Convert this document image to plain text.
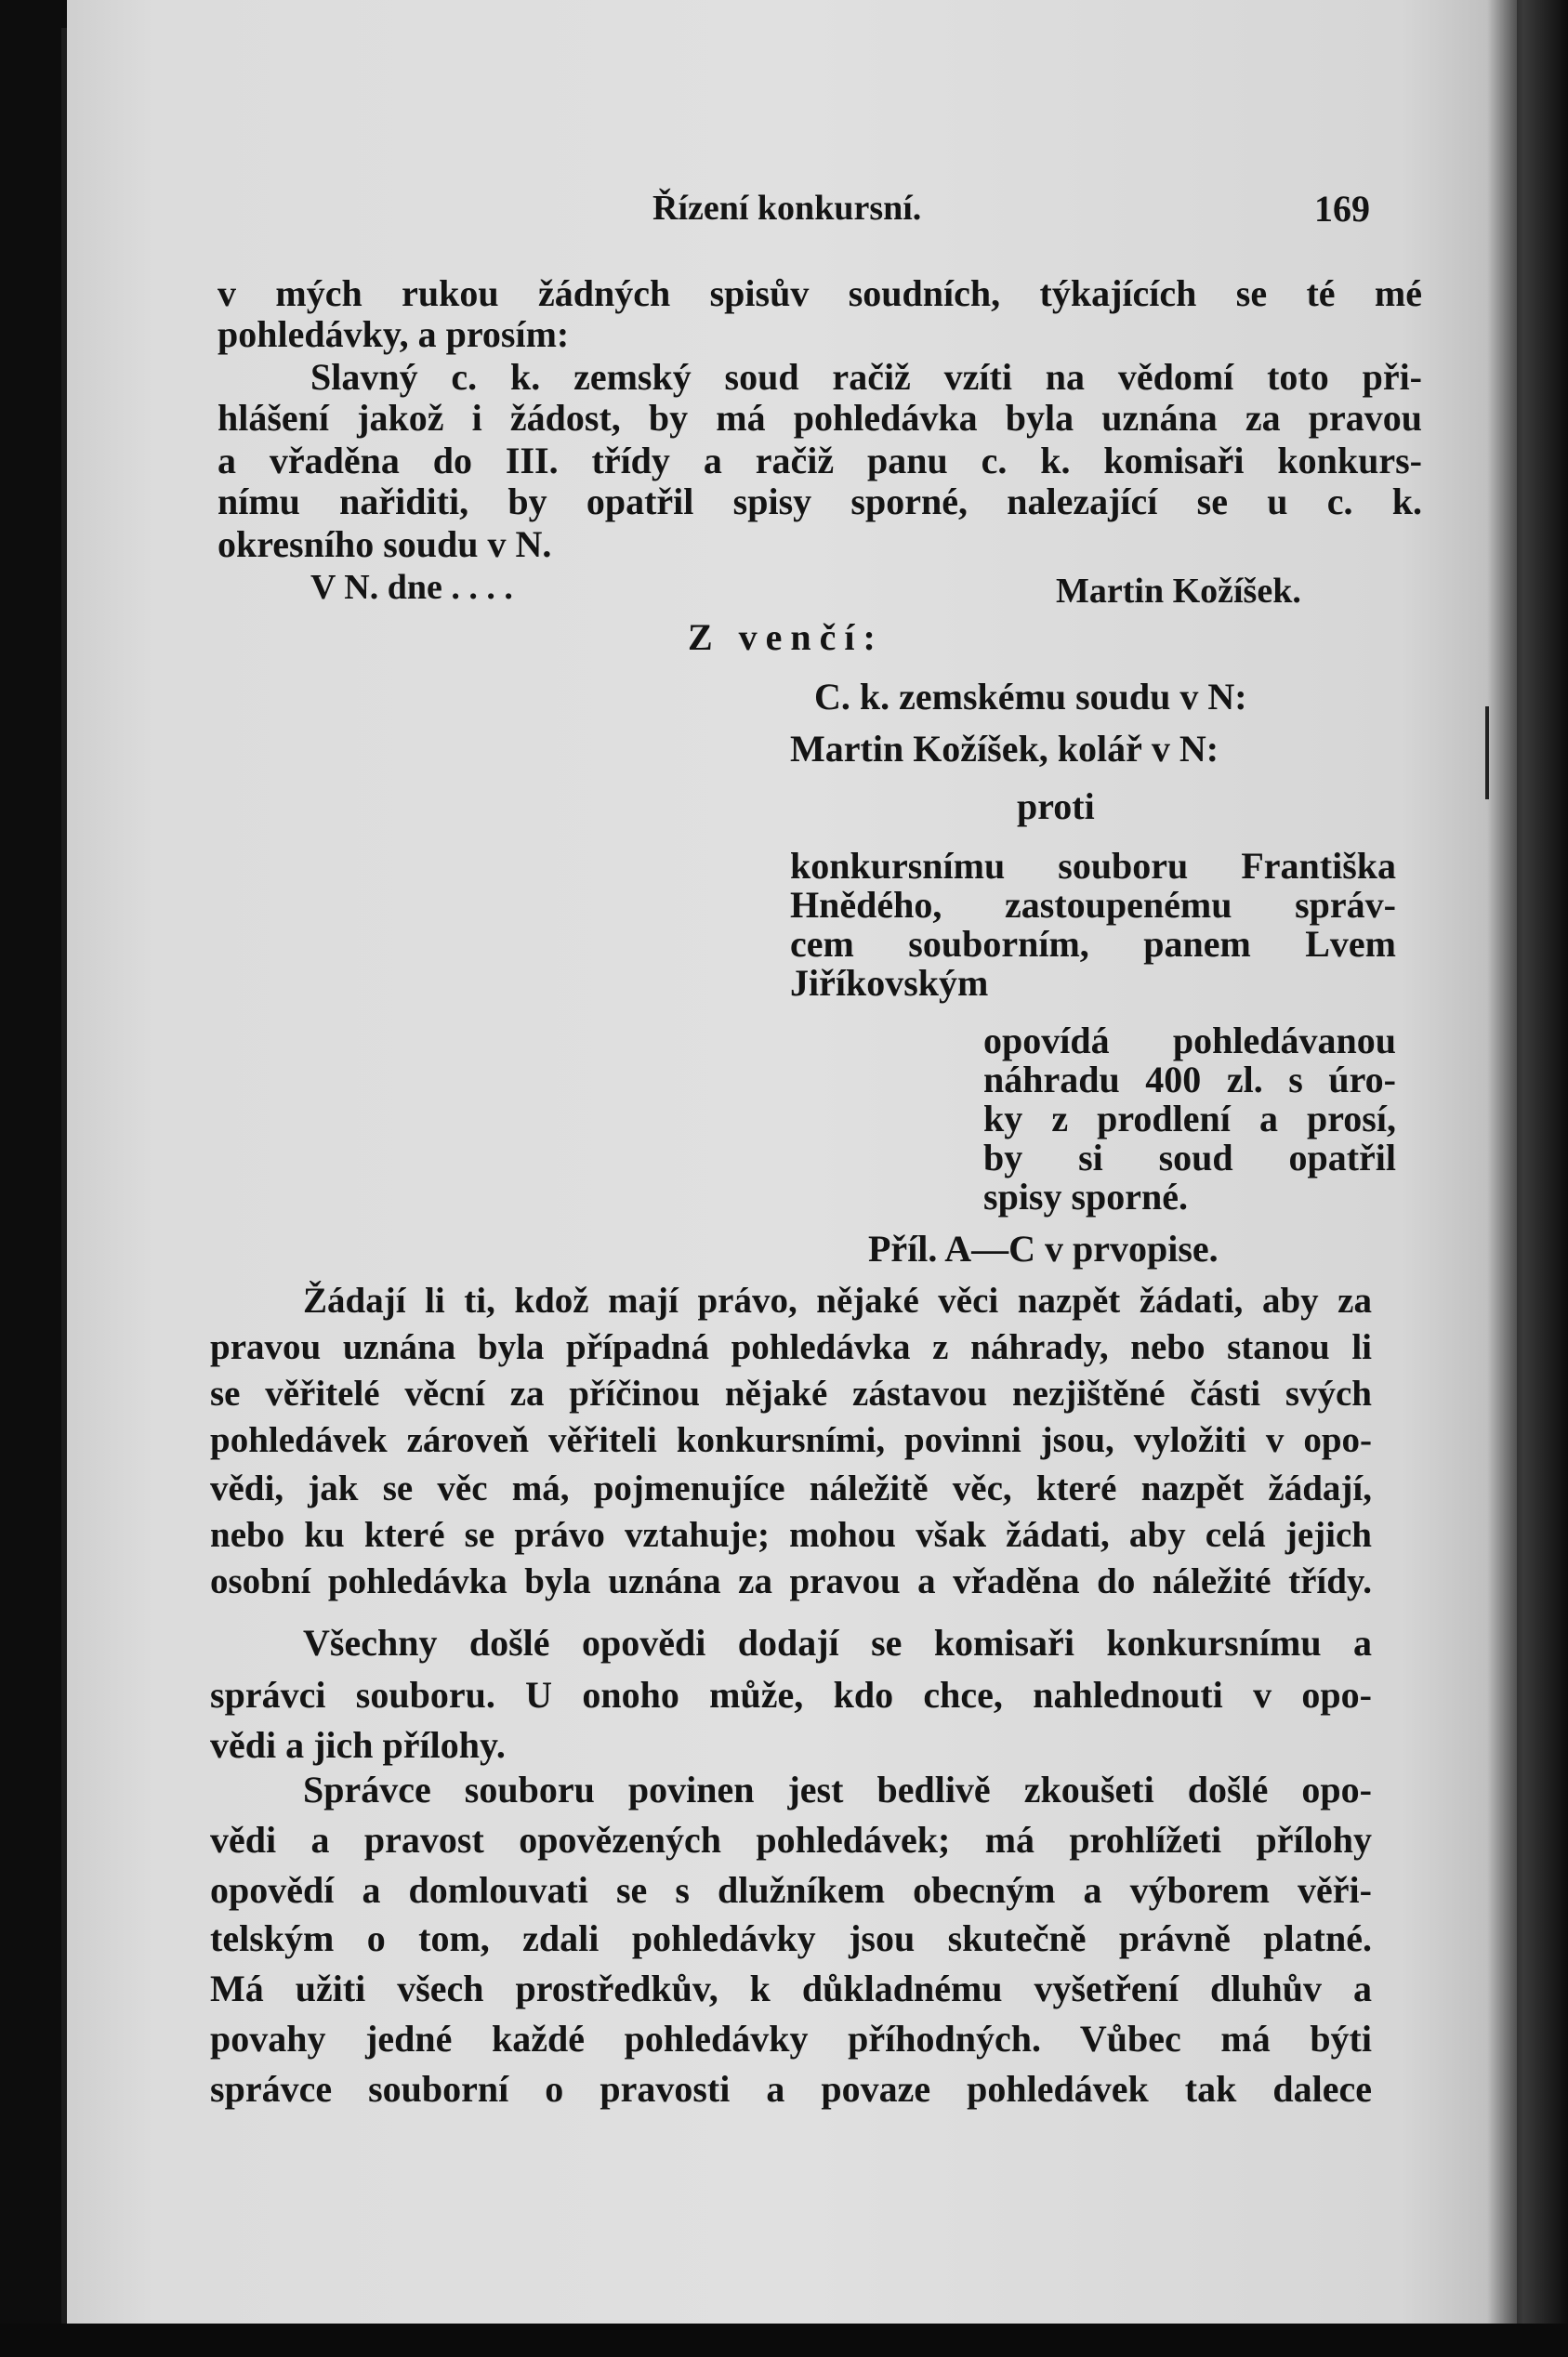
Řízení konkursní.	169
v mých rukou žádných spisův soudních, týkajících se té mé
pohledávky, a prosím:
Slavný c. k. zemský soud račiž vzíti na vědomí toto při-
hlášení jakož i žádost, by má pohledávka byla uznána za pravou
a vřaděna do III. třídy a račiž panu c. k. komisaři konkurs-
nímu nařiditi, by opatřil spisy sporné, nalezající se u c. k.
okresního soudu v N.
V N. dne . . . .	Martin Kožíšek.
Z venčí:
C. k. zemskému soudu v N:
Martin Kožíšek, kolář v N:
proti
konkursnímu souboru Františka
Hnědého, zastoupenému správ-
cem souborním, panem Lvem
Jiříkovským
opovídá pohledávanou
náhradu 400 zl. s úro-
ky z prodlení a prosí,
by si soud opatřil
spisy sporné.
Příl. A—C v prvopise.
Žádají li ti, kdož mají právo, nějaké věci nazpět žádati, aby za
pravou uznána byla případná pohledávka z náhrady, nebo stanou li
se věřitelé věcní za příčinou nějaké zástavou nezjištěné části svých
pohledávek zároveň věřiteli konkursními, povinni jsou, vyložiti v opo-
vědi, jak se věc má, pojmenujíce náležitě věc, které nazpět žádají,
nebo ku které se právo vztahuje; mohou však žádati, aby celá jejich
osobní pohledávka byla uznána za pravou a vřaděna do náležité třídy.
Všechny došlé opovědi dodají se komisaři konkursnímu a
správci souboru. U onoho může, kdo chce, nahlednouti v opo-
vědi a jich přílohy.
Správce souboru povinen jest bedlivě zkoušeti došlé opo-
vědi a pravost opovězených pohledávek; má prohlížeti přílohy
opovědí a domlouvati se s dlužníkem obecným a výborem věři-
telským o tom, zdali pohledávky jsou skutečně právně platné.
Má užiti všech prostředkův, k důkladnému vyšetření dluhův a
povahy jedné každé pohledávky příhodných. Vůbec má býti
správce souborní o pravosti a povaze pohledávek tak dalece
